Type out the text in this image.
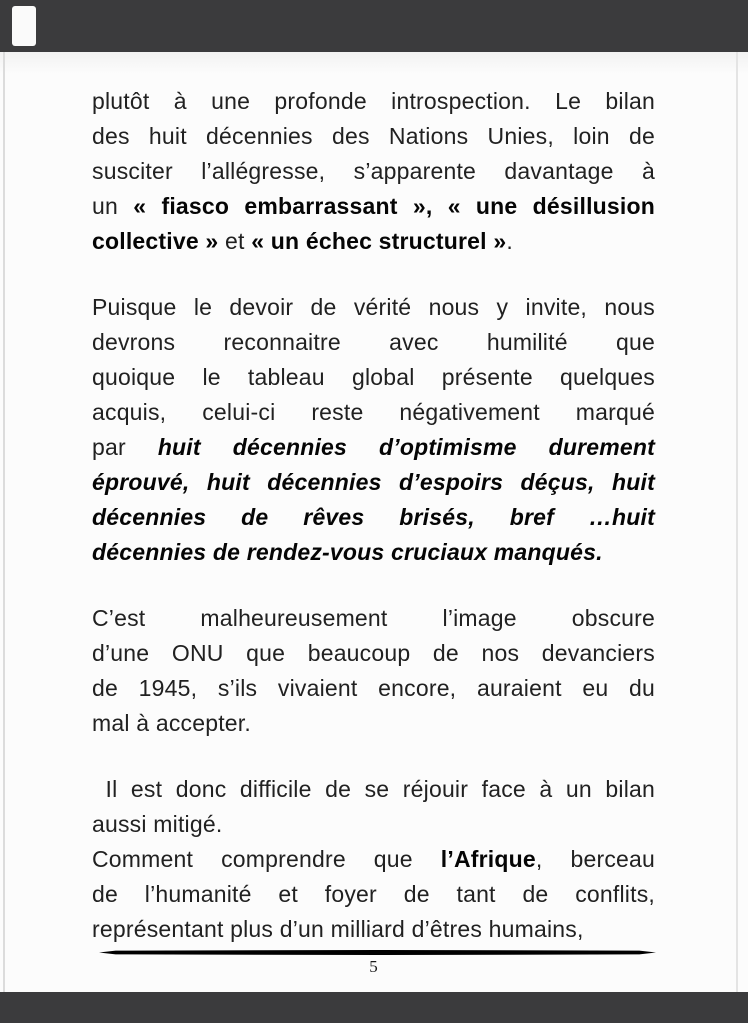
plutôt à une profonde introspection. Le bilan
des huit décennies des Nations Unies, loin de
susciter l’allégresse, s’apparente davantage à
un « fiasco embarrassant », « une désillusion
collective » et « un échec structurel ».
Puisque le devoir de vérité nous y invite, nous
devrons reconnaitre avec humilité que
quoique le tableau global présente quelques
acquis, celui-ci reste négativement marqué
par huit décennies d’optimisme durement
éprouvé, huit décennies d’espoirs déçus, huit
décennies de rêves brisés, bref …huit
décennies de rendez-vous cruciaux manqués.
C’est malheureusement l’image obscure
d’une ONU que beaucoup de nos devanciers
de 1945, s’ils vivaient encore, auraient eu du
mal à accepter.
Il est donc difficile de se réjouir face à un bilan
aussi mitigé.
Comment comprendre que l’Afrique, berceau
de l’humanité et foyer de tant de conflits,
représentant plus d’un milliard d’êtres humains,
5
